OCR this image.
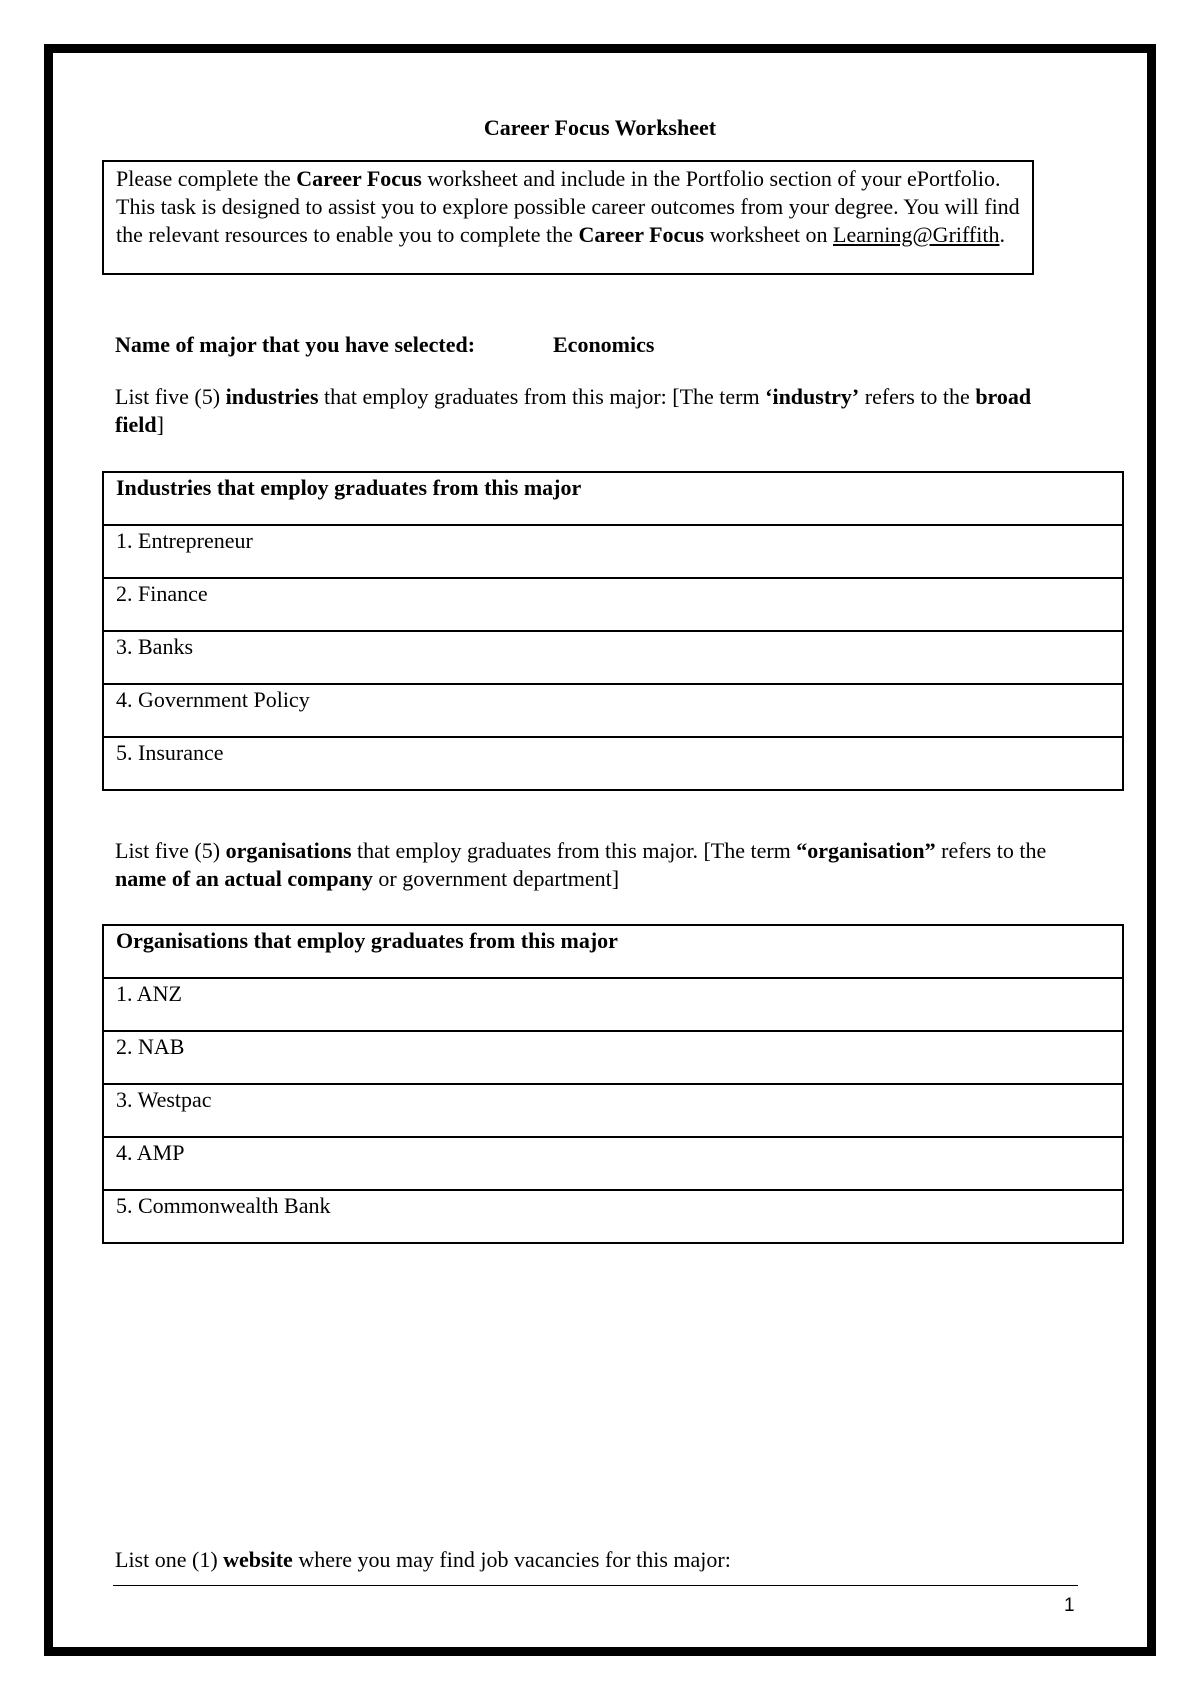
Career Focus Worksheet
Please complete the Career Focus worksheet and include in the Portfolio section of your ePortfolio. This task is designed to assist you to explore possible career outcomes from your degree. You will find the relevant resources to enable you to complete the Career Focus worksheet on Learning@Griffith.
Name of major that you have selected:	Economics
List five (5) industries that employ graduates from this major: [The term ‘industry’ refers to the broad field]
Industries that employ graduates from this major
1. Entrepreneur
2. Finance
3. Banks
4. Government Policy
5. Insurance
List five (5) organisations that employ graduates from this major. [The term “organisation” refers to the name of an actual company or government department]
Organisations that employ graduates from this major
1. ANZ
2. NAB
3. Westpac
4. AMP
5. Commonwealth Bank
List one (1) website where you may find job vacancies for this major:
1
